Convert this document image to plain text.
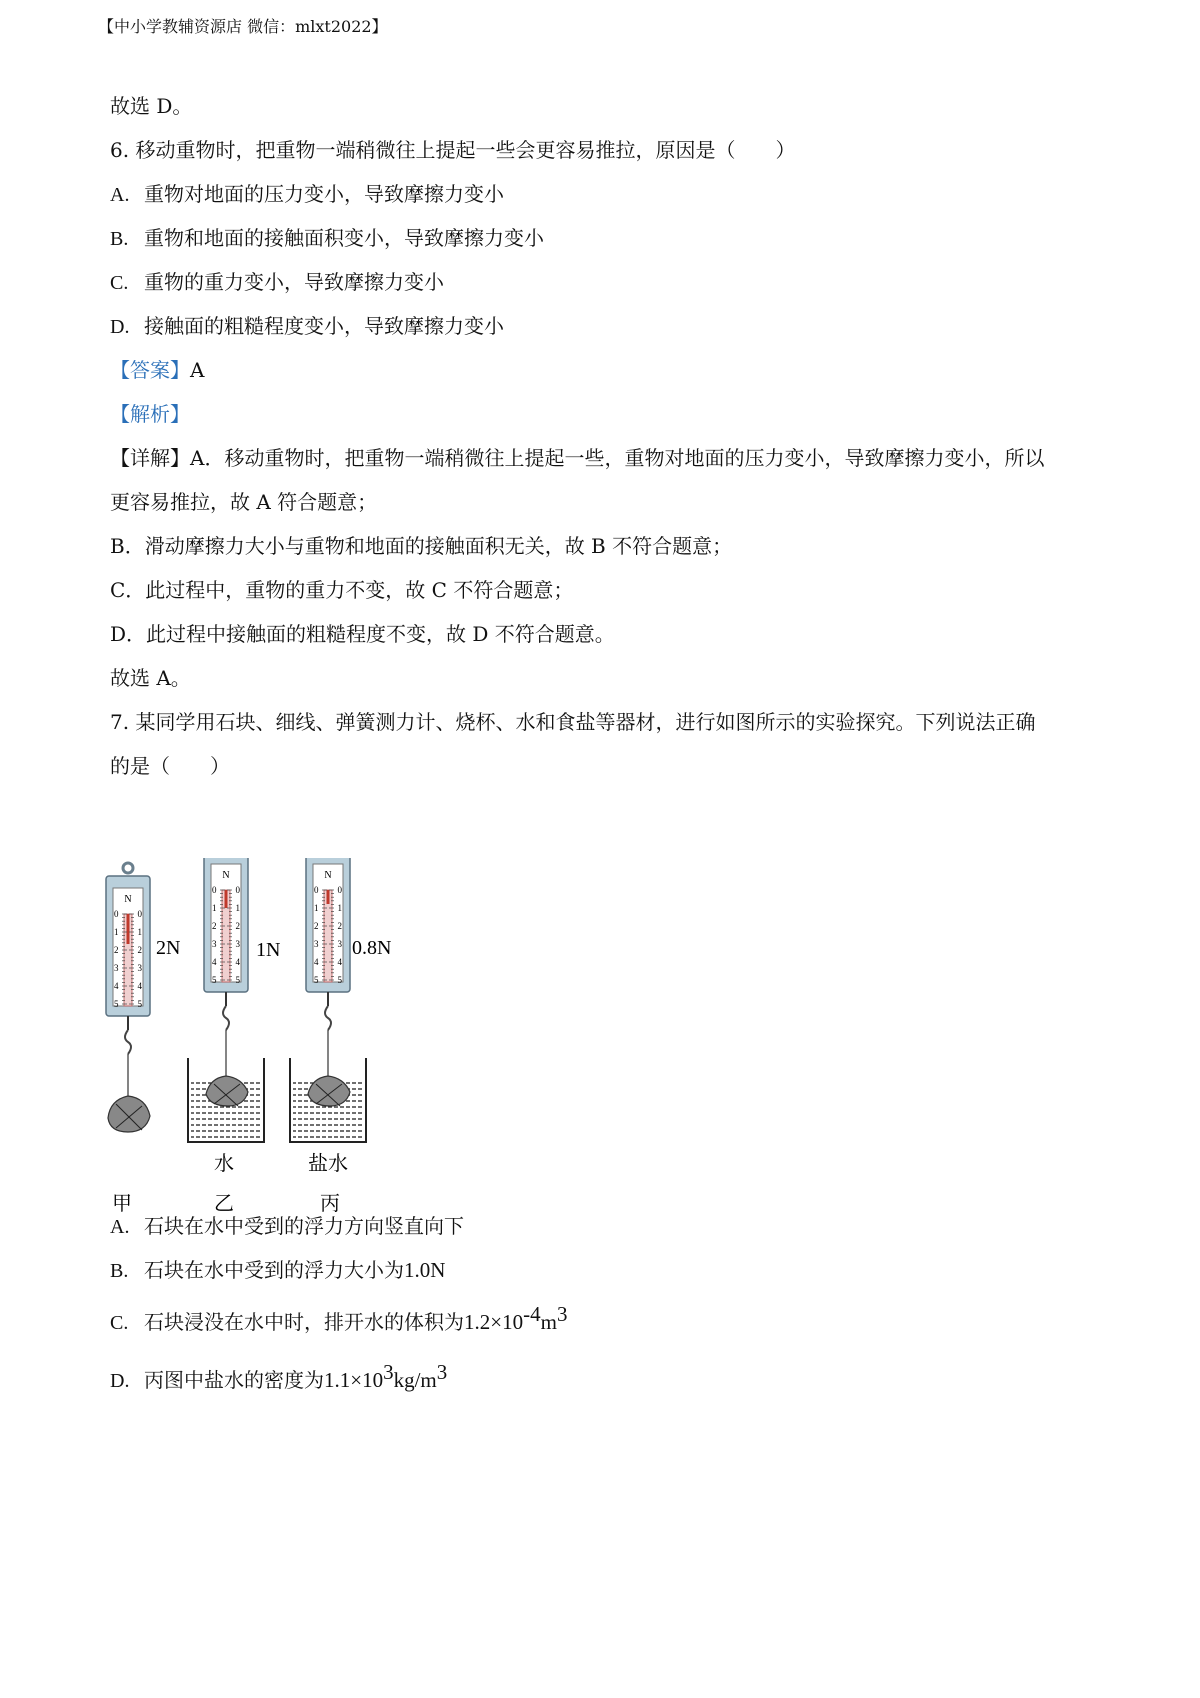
【中小学教辅资源店 微信：mlxt2022】
故选 D。
6. 移动重物时，把重物一端稍微往上提起一些会更容易推拉，原因是（　　）
A. 重物对地面的压力变小，导致摩擦力变小
B. 重物和地面的接触面积变小，导致摩擦力变小
C. 重物的重力变小，导致摩擦力变小
D. 接触面的粗糙程度变小，导致摩擦力变小
【答案】A
【解析】
【详解】A．移动重物时，把重物一端稍微往上提起一些，重物对地面的压力变小，导致摩擦力变小，所以
更容易推拉，故 A 符合题意；
B．滑动摩擦力大小与重物和地面的接触面积无关，故 B 不符合题意；
C．此过程中，重物的重力不变，故 C 不符合题意；
D．此过程中接触面的粗糙程度不变，故 D 不符合题意。
故选 A。
7. 某同学用石块、细线、弹簧测力计、烧杯、水和食盐等器材，进行如图所示的实验探究。下列说法正确
的是（　　）
N
0 0
1 1
2 2
3 3
4 4
5 5
2N
N
0 0
1 1
2 2
3 3
4 4
5 5
1N
N
0 0
1 1
2 2
3 3
4 4
5 5
0.8N
水	盐水
甲	乙	丙
A. 石块在水中受到的浮力方向竖直向下
B. 石块在水中受到的浮力大小为1.0N
C. 石块浸没在水中时，排开水的体积为$1.2\times 10^{-4}m^3$
D. 丙图中盐水的密度为$1.1\times 10^3kg/m^3$
